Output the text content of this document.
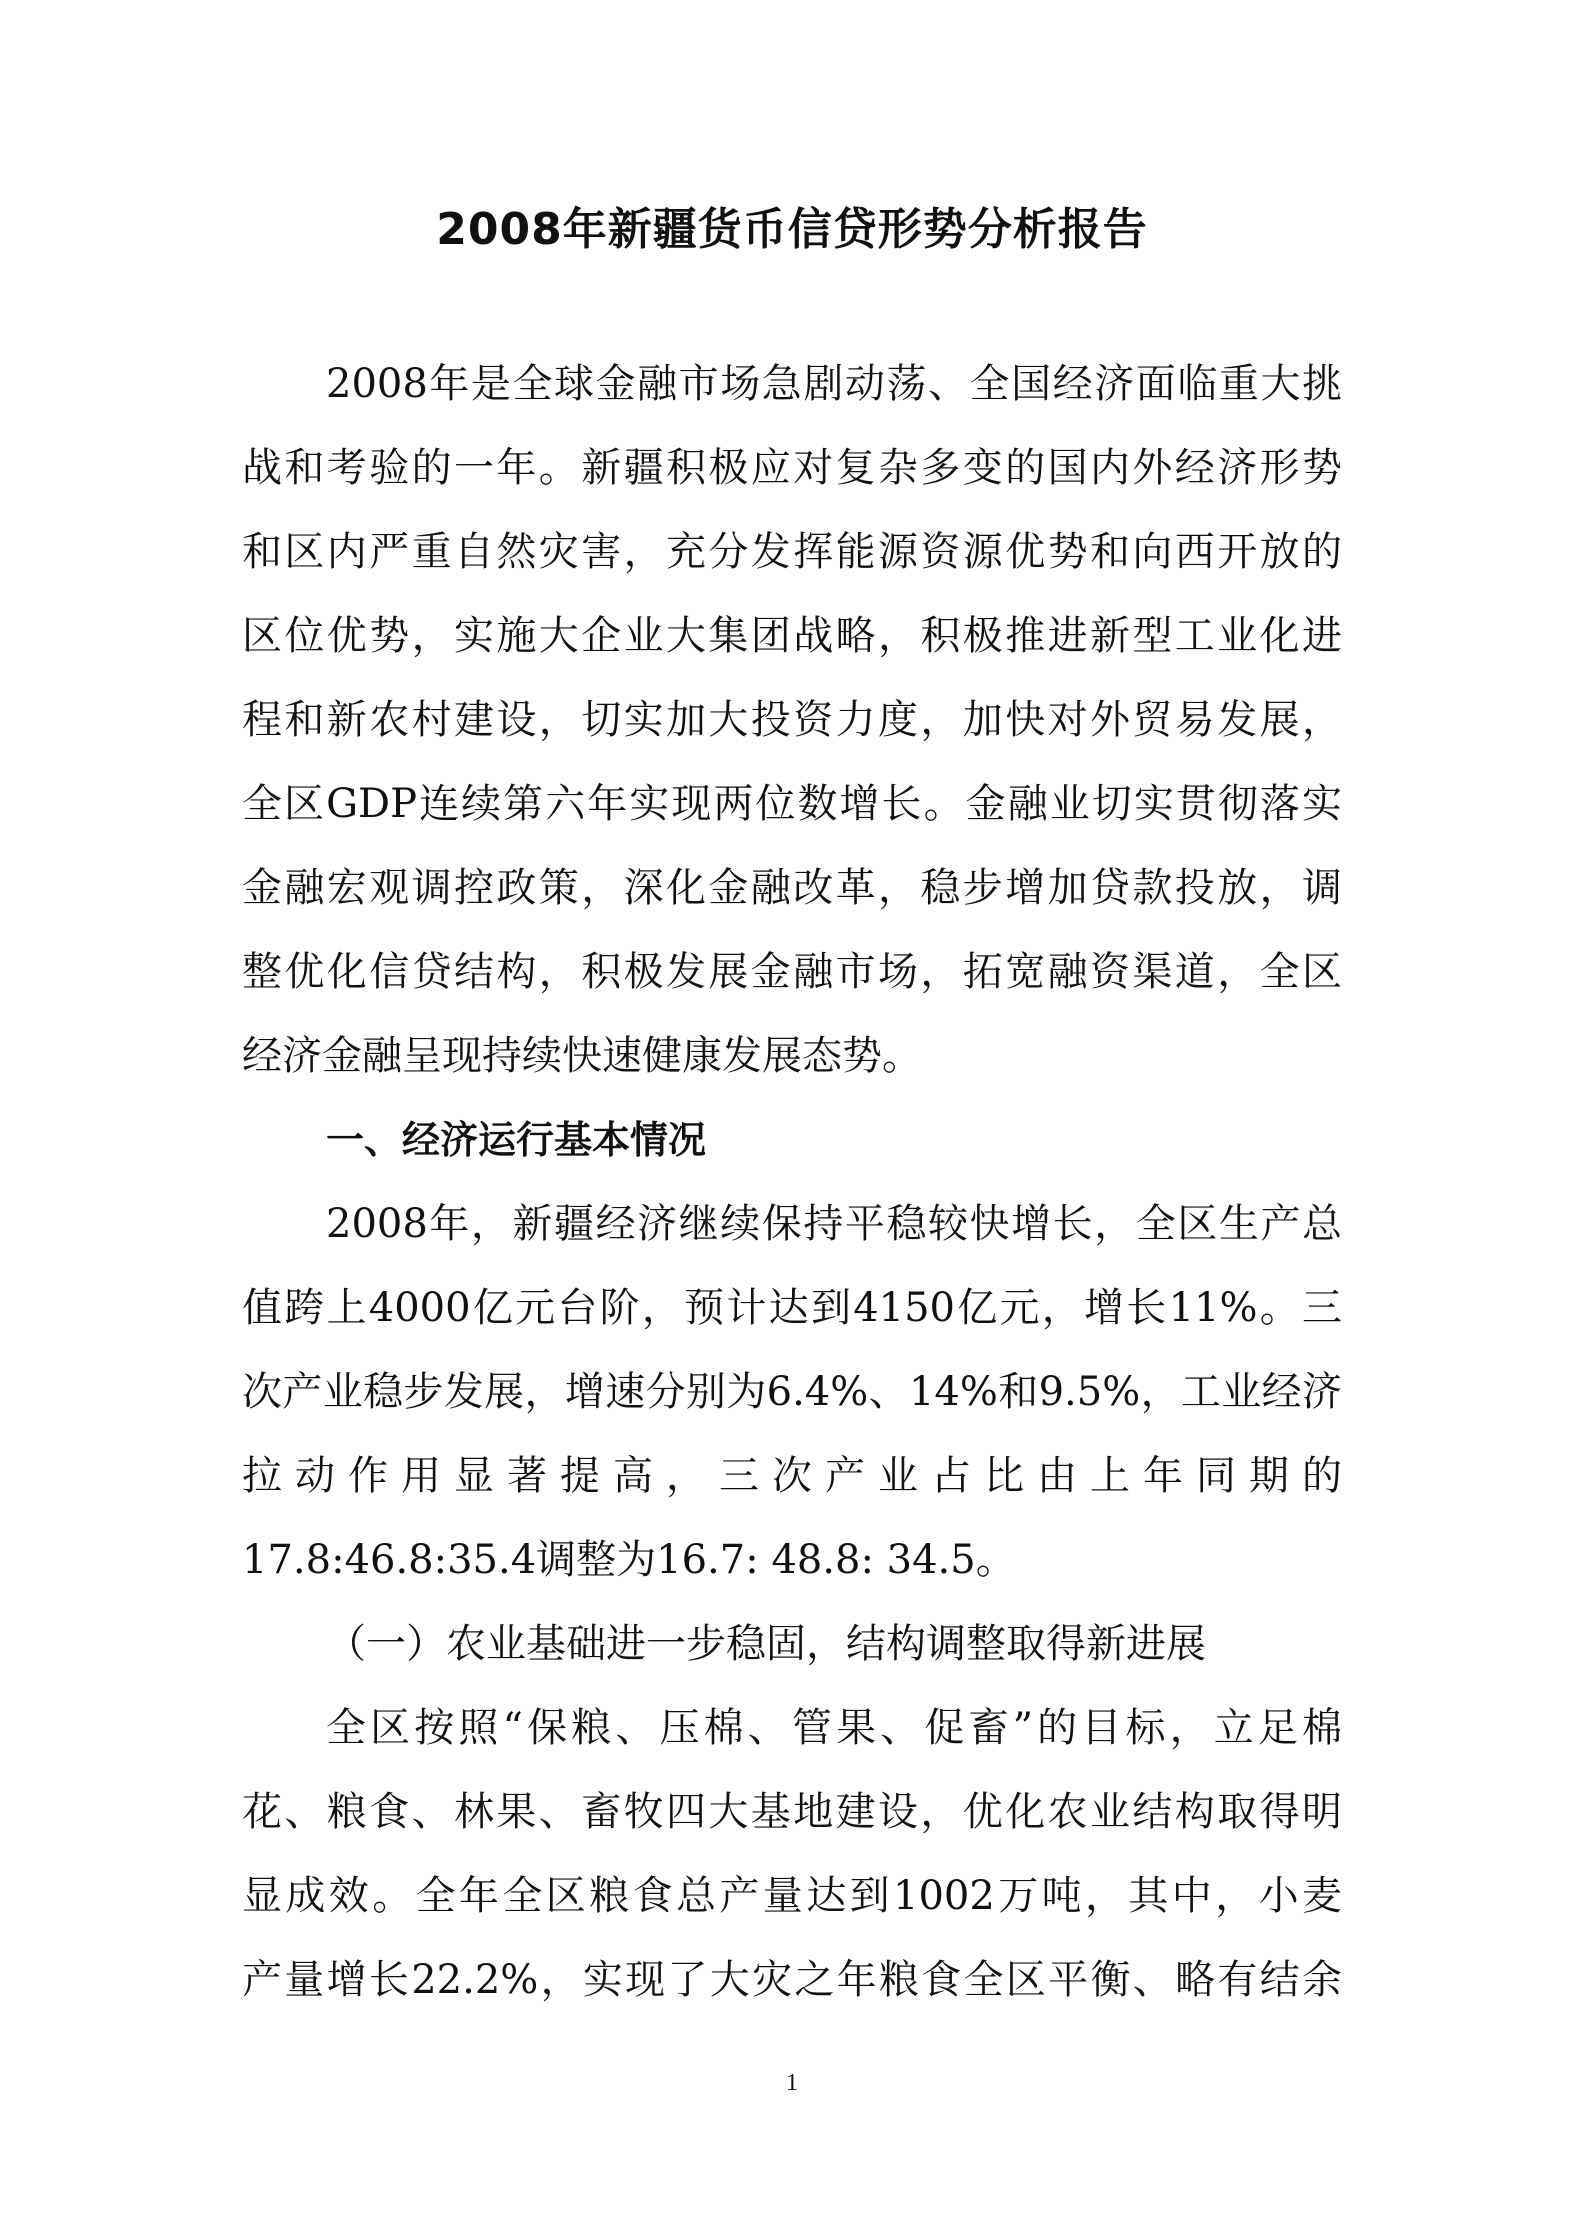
2008年新疆货币信贷形势分析报告
2008年是全球金融市场急剧动荡、全国经济面临重大挑
战和考验的一年。新疆积极应对复杂多变的国内外经济形势
和区内严重自然灾害，充分发挥能源资源优势和向西开放的
区位优势，实施大企业大集团战略，积极推进新型工业化进
程和新农村建设，切实加大投资力度，加快对外贸易发展，
全区GDP连续第六年实现两位数增长。金融业切实贯彻落实
金融宏观调控政策，深化金融改革，稳步增加贷款投放，调
整优化信贷结构，积极发展金融市场，拓宽融资渠道，全区
经济金融呈现持续快速健康发展态势。
一、经济运行基本情况
2008年，新疆经济继续保持平稳较快增长，全区生产总
值跨上4000亿元台阶，预计达到4150亿元，增长11%。三
次产业稳步发展，增速分别为6.4%、14%和9.5%，工业经济
拉动作用显著提高，三次产业占比由上年同期的
17.8:46.8:35.4调整为16.7: 48.8: 34.5。
（一）农业基础进一步稳固，结构调整取得新进展
全区按照“保粮、压棉、管果、促畜”的目标，立足棉
花、粮食、林果、畜牧四大基地建设，优化农业结构取得明
显成效。全年全区粮食总产量达到1002万吨，其中，小麦
产量增长22.2%，实现了大灾之年粮食全区平衡、略有结余
1
